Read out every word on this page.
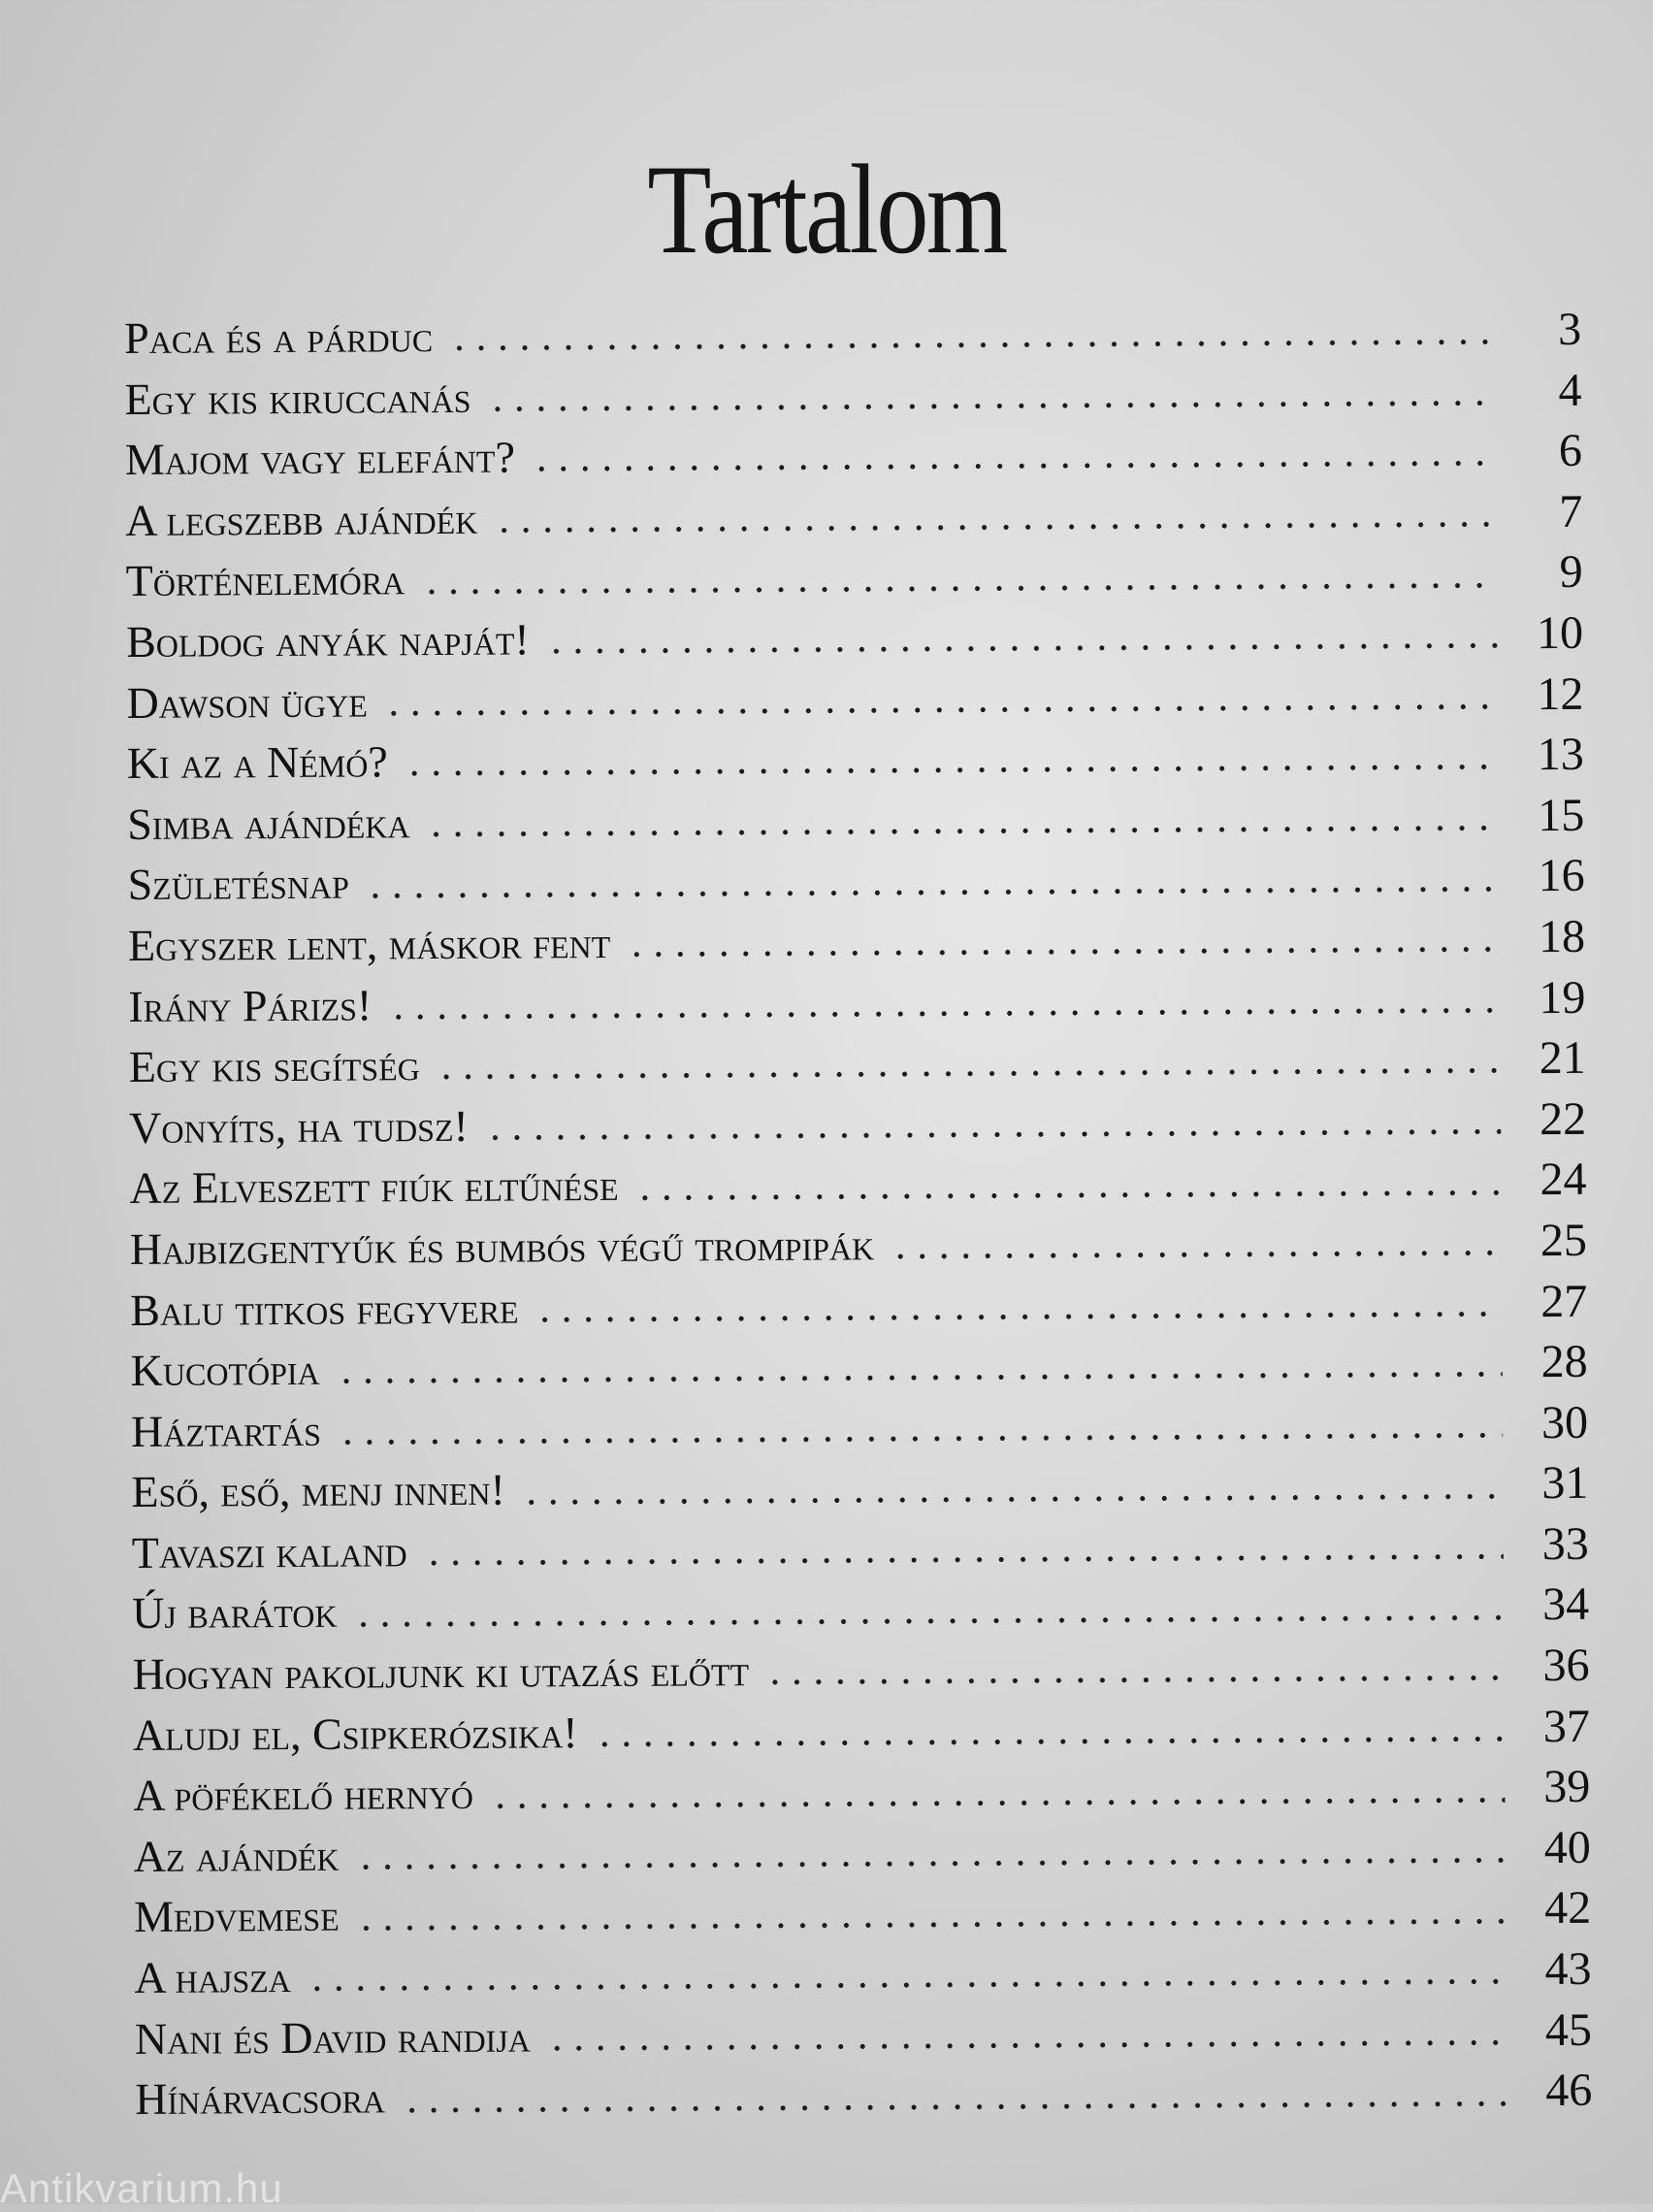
Tartalom
Paca és a párduc	3
Egy kis kiruccanás	4
Majom vagy elefánt?	6
A legszebb ajándék	7
Történelemóra	9
Boldog anyák napját!	10
Dawson ügye	12
Ki az a Némó?	13
Simba ajándéka	15
Születésnap	16
Egyszer lent, máskor fent	18
Irány Párizs!	19
Egy kis segítség	21
Vonyíts, ha tudsz!	22
Az Elveszett fiúk eltűnése	24
Hajbizgentyűk és bumbós végű trompipák	25
Balu titkos fegyvere	27
Kucotópia	28
Háztartás	30
Eső, eső, menj innen!	31
Tavaszi kaland	33
Új barátok	34
Hogyan pakoljunk ki utazás előtt	36
Aludj el, Csipkerózsika!	37
A pöfékelő hernyó	39
Az ajándék	40
Medvemese	42
A hajsza	43
Nani és David randija	45
Hínárvacsora	46
Antikvarium.hu
